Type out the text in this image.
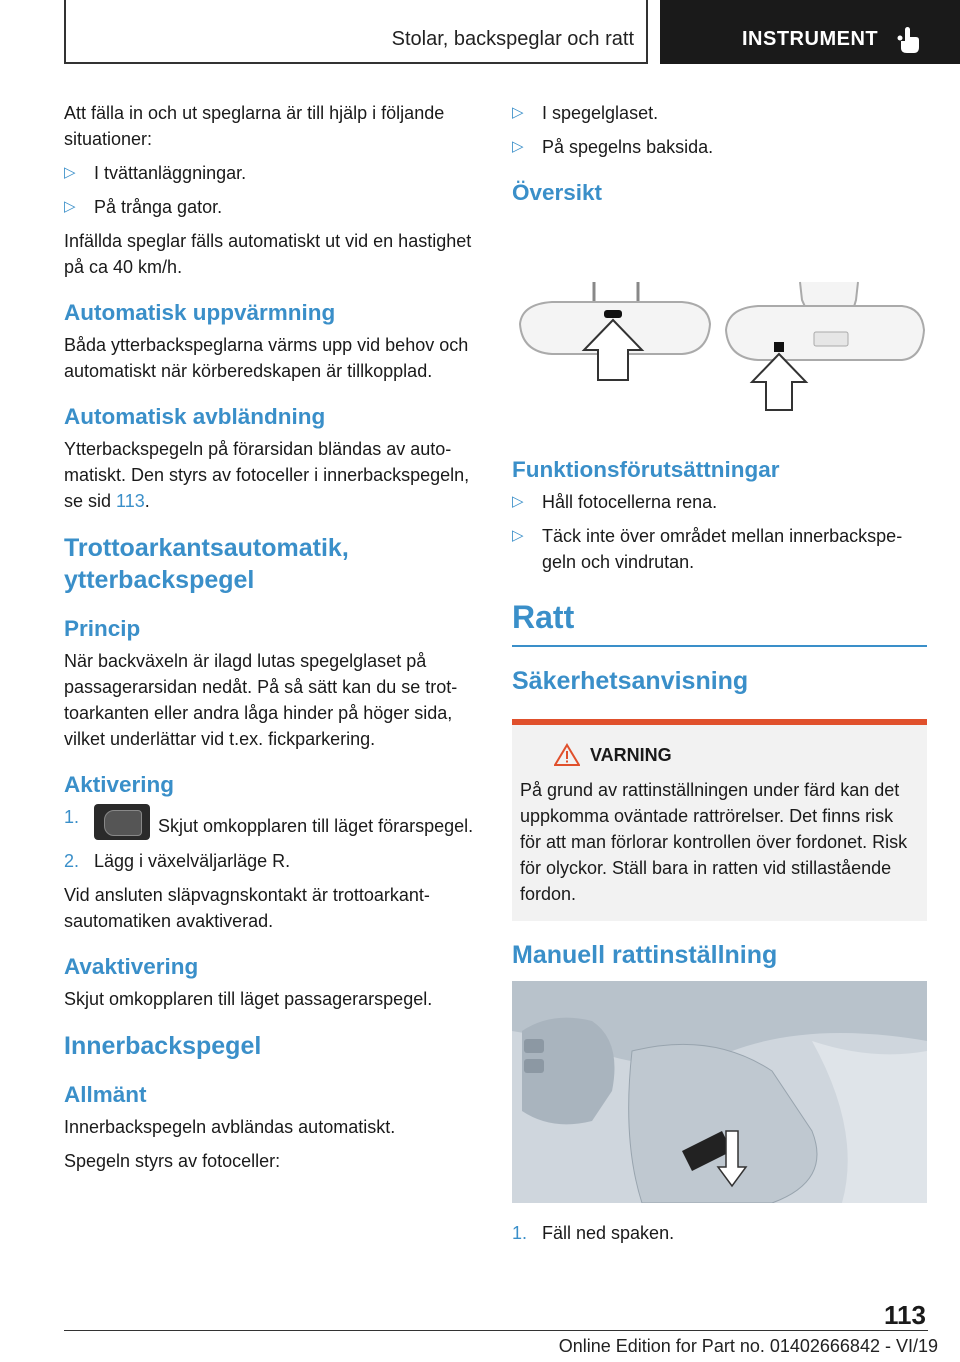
Stolar, backspeglar och ratt	INSTRUMENT

Att fälla in och ut speglarna är till hjälp i följande situationer:

▷ I tvättanläggningar.
▷ På trånga gator.

Infällda speglar fälls automatiskt ut vid en hastighet på ca 40 km/h.

Automatisk uppvärmning

Båda ytterbackspeglarna värms upp vid behov och automatiskt när körberedskapen är tillkopplad.

Automatisk avbländning

Ytterbackspegeln på förarsidan bländas av automatiskt. Den styrs av fotoceller i innerbackspegeln, se sid 113.

Trottoarkantsautomatik, ytterbackspegel
Princip

När backväxeln är ilagd lutas spegelglaset på passagerarsidan nedåt. På så sätt kan du se trottoarkanten eller andra låga hinder på höger sida, vilket underlättar vid t.ex. fickparkering.

Aktivering
1.	Skjut omkopplaren till läget förarspegel.
2. Lägg i växelväljarläge R.

Vid ansluten släpvagnskontakt är trottoarkantsautomatiken avaktiverad.

Avaktivering

Skjut omkopplaren till läget passagerarspegel.

Innerbackspegel
Allmänt

Innerbackspegeln avbländas automatiskt.

Spegeln styrs av fotoceller:

▷ I spegelglaset.
▷ På spegelns baksida.
Översikt
Funktionsförutsättningar
▷ Håll fotocellerna rena.
▷ Täck inte över området mellan innerbackspegeln och vindrutan.
Ratt
Säkerhetsanvisning
VARNING

På grund av rattinställningen under färd kan det uppkomma oväntade rattrörelser. Det finns risk för att man förlorar kontrollen över fordonet. Risk för olyckor. Ställ bara in ratten vid stillastående fordon.

Manuell rattinställning
1. Fäll ned spaken.
113
Online Edition for Part no. 01402666842 - VI/19
